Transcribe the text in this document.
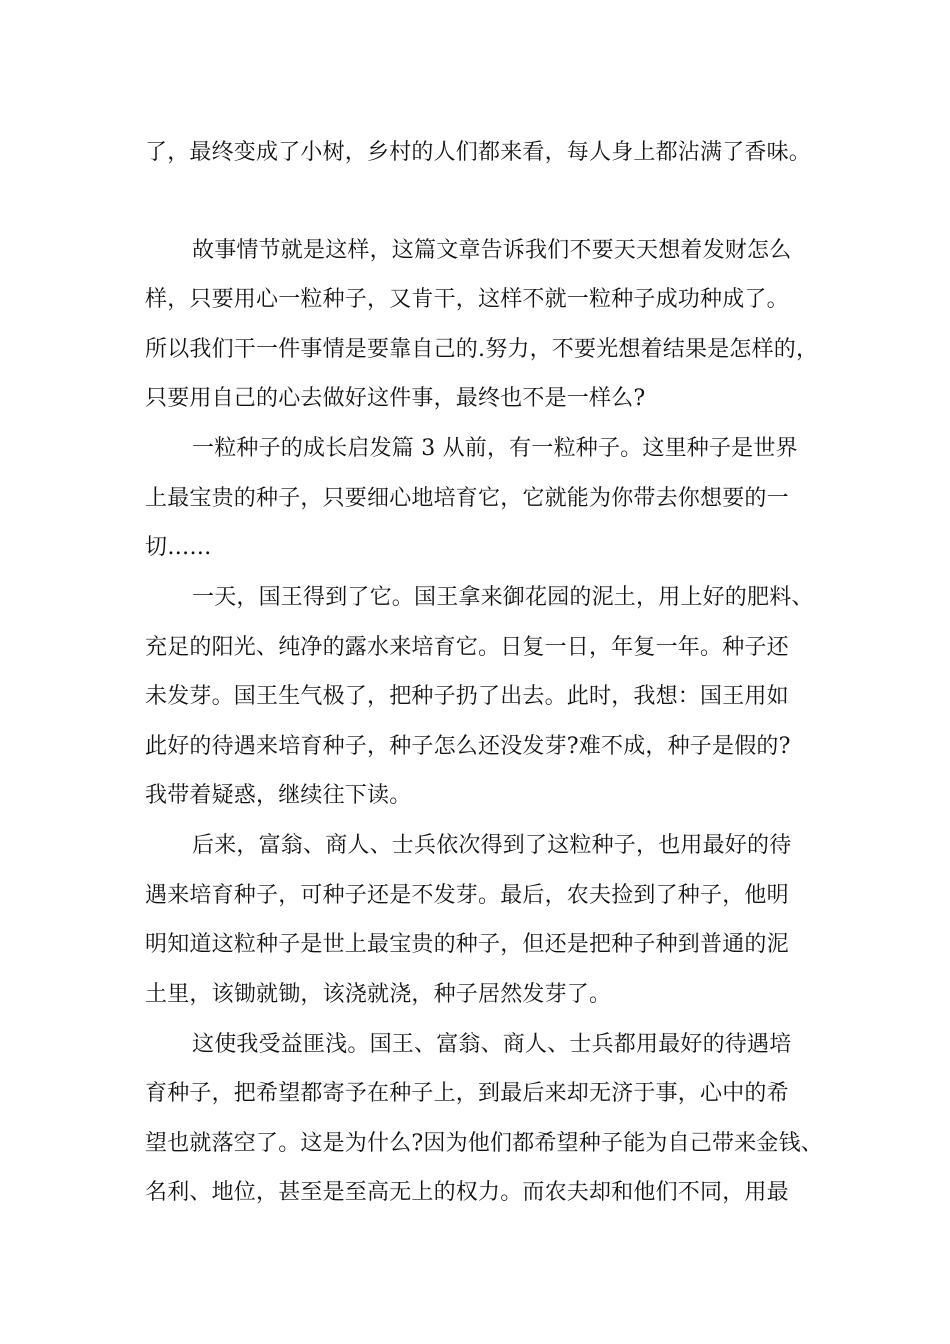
了，最终变成了小树，乡村的人们都来看，每人身上都沾满了香味。

故事情节就是这样，这篇文章告诉我们不要天天想着发财怎么

样，只要用心一粒种子，又肯干，这样不就一粒种子成功种成了。

所以我们干一件事情是要靠自己的.努力，不要光想着结果是怎样的，

只要用自己的心去做好这件事，最终也不是一样么?

一粒种子的成长启发篇 3 从前，有一粒种子。这里种子是世界

上最宝贵的种子，只要细心地培育它，它就能为你带去你想要的一

切……

一天，国王得到了它。国王拿来御花园的泥土，用上好的肥料、

充足的阳光、纯净的露水来培育它。日复一日，年复一年。种子还

未发芽。国王生气极了，把种子扔了出去。此时，我想：国王用如

此好的待遇来培育种子，种子怎么还没发芽?难不成，种子是假的?

我带着疑惑，继续往下读。

后来，富翁、商人、士兵依次得到了这粒种子，也用最好的待

遇来培育种子，可种子还是不发芽。最后，农夫捡到了种子，他明

明知道这粒种子是世上最宝贵的种子，但还是把种子种到普通的泥

土里，该锄就锄，该浇就浇，种子居然发芽了。

这使我受益匪浅。国王、富翁、商人、士兵都用最好的待遇培

育种子，把希望都寄予在种子上，到最后来却无济于事，心中的希

望也就落空了。这是为什么?因为他们都希望种子能为自己带来金钱、

名利、地位，甚至是至高无上的权力。而农夫却和他们不同，用最
